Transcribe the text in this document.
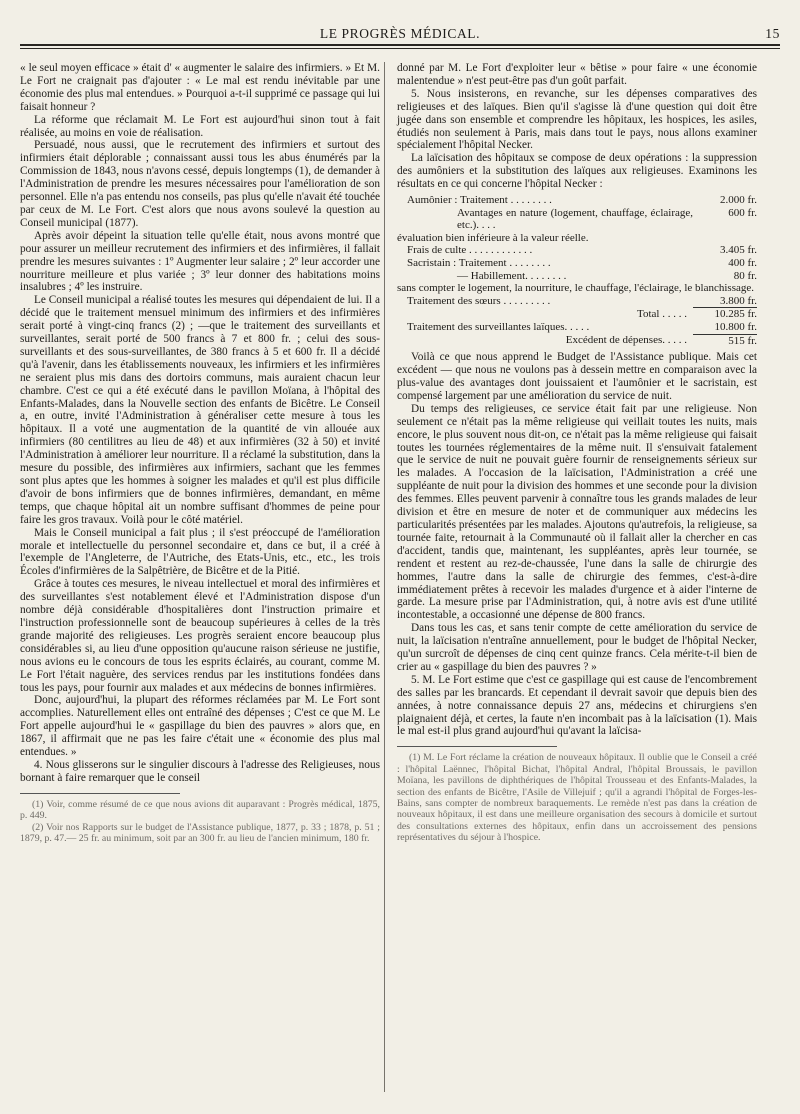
LE PROGRÈS MÉDICAL.	15

« le seul moyen efficace » était d' « augmenter le salaire des infirmiers. » Et M. Le Fort ne craignait pas d'ajouter : « Le mal est rendu inévitable par une économie des plus mal entendues. » Pourquoi a-t-il supprimé ce passage qui lui faisait honneur ?

La réforme que réclamait M. Le Fort est aujourd'hui sinon tout à fait réalisée, au moins en voie de réalisation.

Persuadé, nous aussi, que le recrutement des infirmiers et surtout des infirmiers était déplorable ; connaissant aussi tous les abus énumérés par la Commission de 1843, nous n'avons cessé, depuis longtemps (1), de demander à l'Administration de prendre les mesures nécessaires pour l'amélioration de son personnel. Elle n'a pas entendu nos conseils, pas plus qu'elle n'avait été touchée par ceux de M. Le Fort. C'est alors que nous avons soulevé la question au Conseil municipal (1877).

Après avoir dépeint la situation telle qu'elle était, nous avons montré que pour assurer un meilleur recrutement des infirmiers et des infirmières, il fallait prendre les mesures suivantes : 1º Augmenter leur salaire ; 2º leur accorder une nourriture meilleure et plus variée ; 3º leur donner des habitations moins insalubres ; 4º les instruire.

Le Conseil municipal a réalisé toutes les mesures qui dépendaient de lui. Il a décidé que le traitement mensuel minimum des infirmiers et des infirmières serait porté à vingt-cinq francs (2) ; —que le traitement des surveillants et surveillantes, serait porté de 500 francs à 7 et 800 fr. ; celui des sous-surveillants et des sous-surveillantes, de 380 francs à 5 et 600 fr. Il a décidé qu'à l'avenir, dans les établissements nouveaux, les infirmiers et les infirmières ne seraient plus mis dans des dortoirs communs, mais auraient chacun leur chambre. C'est ce qui a été exécuté dans le pavillon Moïana, à l'hôpital des Enfants-Malades, dans la Nouvelle section des enfants de Bicêtre. Le Conseil a, en outre, invité l'Administration à généraliser cette mesure à tous les hôpitaux. Il a voté une augmentation de la quantité de vin allouée aux infirmiers (80 centilitres au lieu de 48) et aux infirmières (32 à 50) et invité l'Administration à améliorer leur nourriture. Il a réclamé la substitution, dans la mesure du possible, des infirmières aux infirmiers, sachant que les femmes sont plus aptes que les hommes à soigner les malades et qu'il est plus difficile d'avoir de bons infirmiers que de bonnes infirmières, demandant, en même temps, que chaque hôpital ait un nombre suffisant d'hommes de peine pour faire les gros travaux. Voilà pour le côté matériel.

Mais le Conseil municipal a fait plus ; il s'est préoccupé de l'amélioration morale et intellectuelle du personnel secondaire et, dans ce but, il a créé à l'exemple de l'Angleterre, de l'Autriche, des Etats-Unis, etc., etc., les trois Écoles d'infirmières de la Salpêtrière, de Bicêtre et de la Pitié.

Grâce à toutes ces mesures, le niveau intellectuel et moral des infirmières et des surveillantes s'est notablement élevé et l'Administration dispose d'un nombre déjà considérable d'hospitalières dont l'instruction primaire et l'instruction professionnelle sont de beaucoup supérieures à celles de la très grande majorité des religieuses. Les progrès seraient encore beaucoup plus considérables si, au lieu d'une opposition qu'aucune raison sérieuse ne justifie, nous avions eu le concours de tous les esprits éclairés, au courant, comme M. Le Fort l'était naguère, des services rendus par les institutions fondées dans tous les pays, pour fournir aux malades et aux médecins de bonnes infirmières.

Donc, aujourd'hui, la plupart des réformes réclamées par M. Le Fort sont accomplies. Naturellement elles ont entraîné des dépenses ; C'est ce que M. Le Fort appelle aujourd'hui le « gaspillage du bien des pauvres » alors que, en 1867, il affirmait que ne pas les faire c'était une « économie des plus mal entendues. »

4. Nous glisserons sur le singulier discours à l'adresse des Religieuses, nous bornant à faire remarquer que le conseil

(1) Voir, comme résumé de ce que nous avions dit auparavant : Progrès médical, 1875, p. 449.

(2) Voir nos Rapports sur le budget de l'Assistance publique, 1877, p. 33 ; 1878, p. 51 ; 1879, p. 47.— 25 fr. au minimum, soit par an 300 fr. au lieu de l'ancien minimum, 180 fr.

donné par M. Le Fort d'exploiter leur « bêtise » pour faire « une économie malentendue » n'est peut-être pas d'un goût parfait.

5. Nous insisterons, en revanche, sur les dépenses comparatives des religieuses et des laïques. Bien qu'il s'agisse là d'une question qui doit être jugée dans son ensemble et comprendre les hôpitaux, les hospices, les asiles, étudiés non seulement à Paris, mais dans tout le pays, nous allons examiner spécialement l'hôpital Necker.

La laïcisation des hôpitaux se compose de deux opérations : la suppression des aumôniers et la substitution des laïques aux religieuses. Examinons les résultats en ce qui concerne l'hôpital Necker :

Aumônier : Traitement . . . . . . . .	2.000 fr.
Avantages en nature (logement, chauffage, éclairage, etc.). . . .	600 fr.
évaluation bien inférieure à la valeur réelle.	
Frais de culte . . . . . . . . . . . .	3.405 fr.
Sacristain : Traitement . . . . . . . .	400 fr.
— Habillement. . . . . . . .	80 fr.
sans compter le logement, la nourriture, le chauffage, l'éclairage, le blanchissage.	
Traitement des sœurs . . . . . . . . .	3.800 fr.
Total . . . . .	10.285 fr.
Traitement des surveillantes laïques. . . . .	10.800 fr.
Excédent de dépenses. . . . .	515 fr.

Voilà ce que nous apprend le Budget de l'Assistance publique. Mais cet excédent — que nous ne voulons pas à dessein mettre en comparaison avec la plus-value des avantages dont jouissaient et l'aumônier et le sacristain, est compensé largement par une amélioration du service de nuit.

Du temps des religieuses, ce service était fait par une religieuse. Non seulement ce n'était pas la même religieuse qui veillait toutes les nuits, mais encore, le plus souvent nous dit-on, ce n'était pas la même religieuse qui faisait toutes les tournées réglementaires de la même nuit. Il s'ensuivait fatalement que le service de nuit ne pouvait guère fournir de renseignements sérieux sur les malades. A l'occasion de la laïcisation, l'Administration a créé une suppléante de nuit pour la division des hommes et une seconde pour la division des femmes. Elles peuvent parvenir à connaître tous les grands malades de leur division et être en mesure de noter et de communiquer aux médecins les particularités présentées par les malades. Ajoutons qu'autrefois, la religieuse, sa tournée faite, retournait à la Communauté où il fallait aller la chercher en cas d'accident, tandis que, maintenant, les suppléantes, après leur tournée, se rendent et restent au rez-de-chaussée, l'une dans la salle de chirurgie des hommes, l'autre dans la salle de chirurgie des femmes, c'est-à-dire immédiatement prêtes à recevoir les malades d'urgence et à aider l'interne de garde. La mesure prise par l'Administration, qui, à notre avis est d'une utilité incontestable, a occasionné une dépense de 800 francs.

Dans tous les cas, et sans tenir compte de cette amélioration du service de nuit, la laïcisation n'entraîne annuellement, pour le budget de l'hôpital Necker, qu'un surcroît de dépenses de cinq cent quinze francs. Cela mérite-t-il bien de crier au « gaspillage du bien des pauvres ? »

5. M. Le Fort estime que c'est ce gaspillage qui est cause de l'encombrement des salles par les brancards. Et cependant il devrait savoir que depuis bien des années, à notre connaissance depuis 27 ans, médecins et chirurgiens s'en plaignaient déjà, et certes, la faute n'en incombait pas à la laïcisation (1). Mais le mal est-il plus grand aujourd'hui qu'avant la laïcisa-

(1) M. Le Fort réclame la création de nouveaux hôpitaux. Il oublie que le Conseil a créé : l'hôpital Laënnec, l'hôpital Bichat, l'hôpital Andral, l'hôpital Broussais, le pavillon Moïana, les pavillons de diphthériques de l'hôpital Trousseau et des Enfants-Malades, la section des enfants de Bicêtre, l'Asile de Villejuif ; qu'il a agrandi l'hôpital de Forges-les-Bains, sans compter de nombreux baraquements. Le remède n'est pas dans la création de nouveaux hôpitaux, il est dans une meilleure organisation des secours à domicile et surtout des consultations externes des hôpitaux, enfin dans un accroissement des pensions représentatives du séjour à l'hospice.
